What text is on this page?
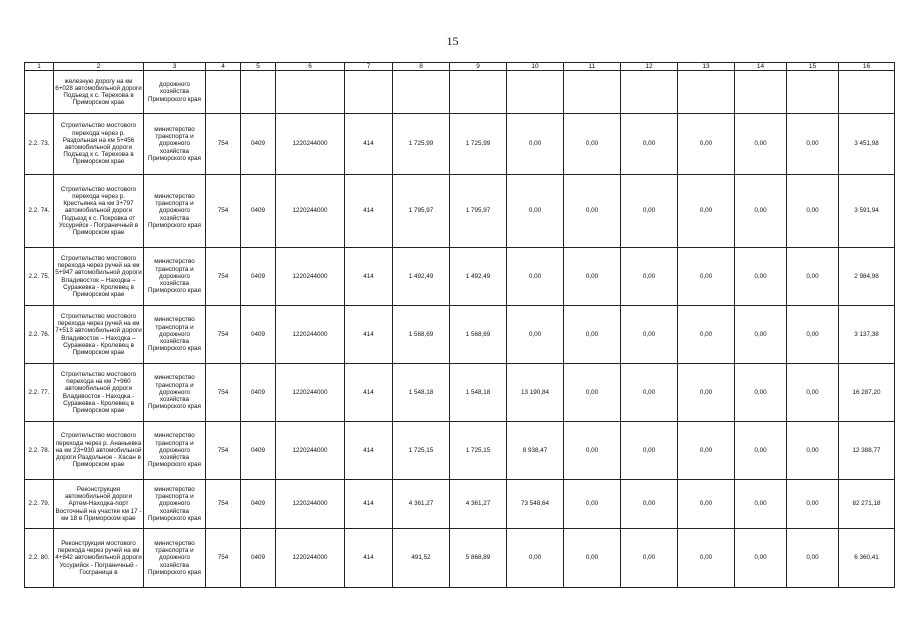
15
1	2	3	4	5	6	7	8	9	10	11	12	13	14	15	16
	железную дорогу на км 6+028 автомобильной дороги Подъезд к с. Терехова в Приморском крае	дорожного хозяйства Приморского края													
2.2. 73.	Строительство мостового перехода через р. Раздольная на км 5+456 автомобильной дороги Подъезд к с. Терехова в Приморском крае	министерство транспорта и дорожного хозяйства Приморского края	754	0409	1220244000	414	1 725,99	1 725,99	0,00	0,00	0,00	0,00	0,00	0,00	3 451,98
2.2. 74.	Строительство мостового перехода через р. Крестьянка на км 3+797 автомобильной дороги Подъезд к с. Покровка от Уссурийск - Пограничный в Приморском крае	министерство транспорта и дорожного хозяйства Приморского края	754	0409	1220244000	414	1 795,97	1 795,97	0,00	0,00	0,00	0,00	0,00	0,00	3 591,94
2.2. 75.	Строительство мостового перехода через ручей на км 5+947 автомобильной дороги Владивосток – Находка – Суражевка - Кролевец в Приморском крае	министерство транспорта и дорожного хозяйства Приморского края	754	0409	1220244000	414	1 492,49	1 492,49	0,00	0,00	0,00	0,00	0,00	0,00	2 984,98
2.2. 76.	Строительство мостового перехода через ручей на км 7+513 автомобильной дороги Владивосток – Находка – Суражевка - Кролевец в Приморском крае	министерство транспорта и дорожного хозяйства Приморского края	754	0409	1220244000	414	1 568,69	1 568,69	0,00	0,00	0,00	0,00	0,00	0,00	3 137,38
2.2. 77.	Строительство мостового перехода на км 7+960 автомобильной дороги Владивосток - Находка - Суражевка - Кролевец в Приморском крае	министерство транспорта и дорожного хозяйства Приморского края	754	0409	1220244000	414	1 548,18	1 548,18	13 190,84	0,00	0,00	0,00	0,00	0,00	16 287,20
2.2. 78.	Строительство мостового перехода через р. Ананьевка на км 23+930 автомобильной дороги Раздольное - Хасан в Приморском крае	министерство транспорта и дорожного хозяйства Приморского края	754	0409	1220244000	414	1 725,15	1 725,15	8 938,47	0,00	0,00	0,00	0,00	0,00	12 388,77
2.2. 79.	Реконструкция автомобильной дороги Артем-Находка-порт Восточный на участке км 17 - км 18 в Приморском крае	министерство транспорта и дорожного хозяйства Приморского края	754	0409	1220244000	414	4 361,27	4 361,27	73 548,64	0,00	0,00	0,00	0,00	0,00	82 271,18
2.2. 80.	Реконструкция мостового перехода через ручей на км 4+842 автомобильной дороги Уссурийск - Пограничный - Госграница в	министерство транспорта и дорожного хозяйства Приморского края	754	0409	1220244000	414	491,52	5 868,89	0,00	0,00	0,00	0,00	0,00	0,00	6 360,41
